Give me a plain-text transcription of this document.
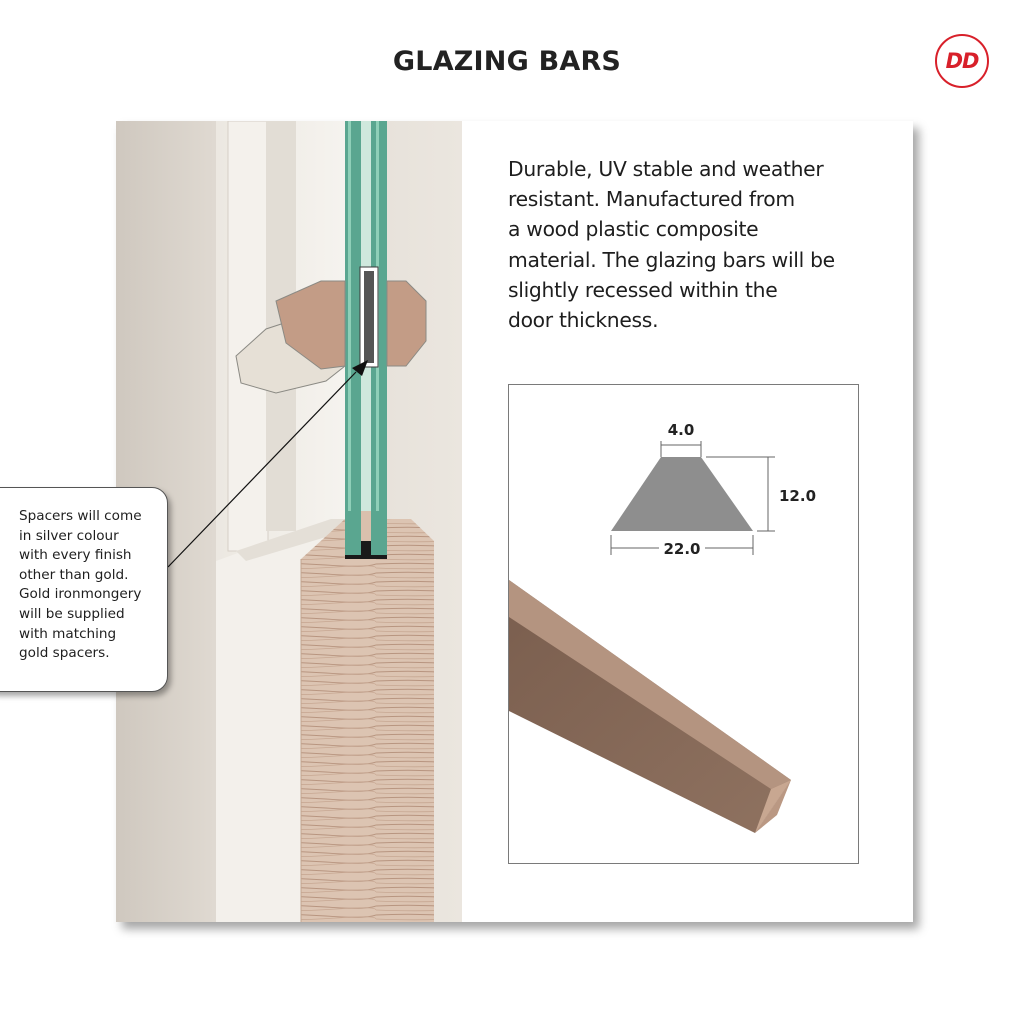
GLAZING BARS	DD
Durable, UV stable and weather
resistant. Manufactured from
a wood plastic composite
material. The glazing bars will be
slightly recessed within the
door thickness.
4.0
12.0
22.0
Spacers will come
in silver colour
with every finish
other than gold.
Gold ironmongery
will be supplied
with matching
gold spacers.
